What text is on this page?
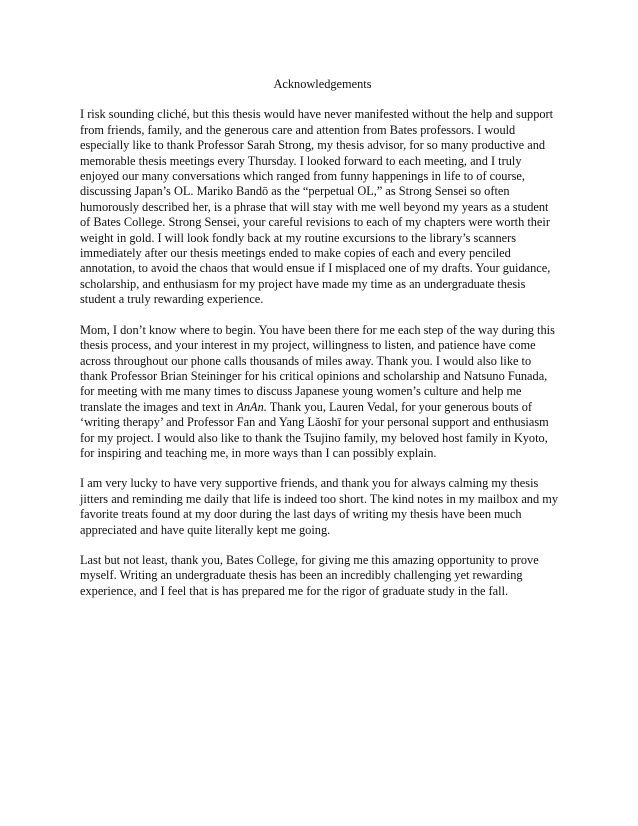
Acknowledgements
I risk sounding cliché, but this thesis would have never manifested without the help and support
from friends, family, and the generous care and attention from Bates professors. I would
especially like to thank Professor Sarah Strong, my thesis advisor, for so many productive and
memorable thesis meetings every Thursday. I looked forward to each meeting, and I truly
enjoyed our many conversations which ranged from funny happenings in life to of course,
discussing Japan’s OL. Mariko Bandō as the “perpetual OL,” as Strong Sensei so often
humorously described her, is a phrase that will stay with me well beyond my years as a student
of Bates College. Strong Sensei, your careful revisions to each of my chapters were worth their
weight in gold. I will look fondly back at my routine excursions to the library’s scanners
immediately after our thesis meetings ended to make copies of each and every penciled
annotation, to avoid the chaos that would ensue if I misplaced one of my drafts. Your guidance,
scholarship, and enthusiasm for my project have made my time as an undergraduate thesis
student a truly rewarding experience.
Mom, I don’t know where to begin. You have been there for me each step of the way during this
thesis process, and your interest in my project, willingness to listen, and patience have come
across throughout our phone calls thousands of miles away. Thank you. I would also like to
thank Professor Brian Steininger for his critical opinions and scholarship and Natsuno Funada,
for meeting with me many times to discuss Japanese young women’s culture and help me
translate the images and text in AnAn. Thank you, Lauren Vedal, for your generous bouts of
‘writing therapy’ and Professor Fan and Yang Lǎoshī for your personal support and enthusiasm
for my project. I would also like to thank the Tsujino family, my beloved host family in Kyoto,
for inspiring and teaching me, in more ways than I can possibly explain.
I am very lucky to have very supportive friends, and thank you for always calming my thesis
jitters and reminding me daily that life is indeed too short. The kind notes in my mailbox and my
favorite treats found at my door during the last days of writing my thesis have been much
appreciated and have quite literally kept me going.
Last but not least, thank you, Bates College, for giving me this amazing opportunity to prove
myself. Writing an undergraduate thesis has been an incredibly challenging yet rewarding
experience, and I feel that is has prepared me for the rigor of graduate study in the fall.
